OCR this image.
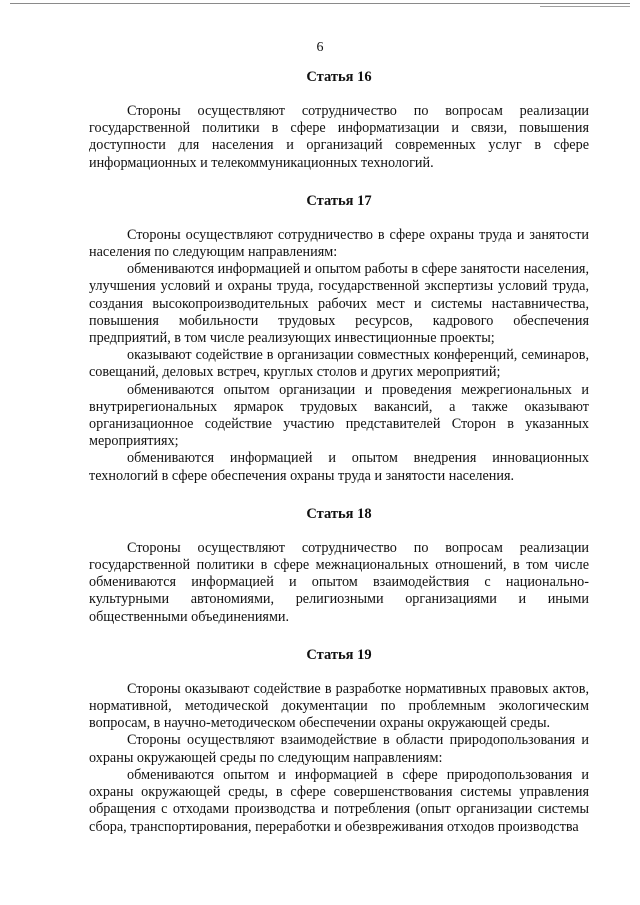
6
Статья 16

Стороны осуществляют сотрудничество по вопросам реализации государственной политики в сфере информатизации и связи, повышения доступности для населения и организаций современных услуг в сфере информационных и телекоммуникационных технологий.

Статья 17

Стороны осуществляют сотрудничество в сфере охраны труда и занятости населения по следующим направлениям:

обмениваются информацией и опытом работы в сфере занятости населения, улучшения условий и охраны труда, государственной экспертизы условий труда, создания высокопроизводительных рабочих мест и системы наставничества, повышения мобильности трудовых ресурсов, кадрового обеспечения предприятий, в том числе реализующих инвестиционные проекты;

оказывают содействие в организации совместных конференций, семинаров, совещаний, деловых встреч, круглых столов и других мероприятий;

обмениваются опытом организации и проведения межрегиональных и внутрирегиональных ярмарок трудовых вакансий, а также оказывают организационное содействие участию представителей Сторон в указанных мероприятиях;

обмениваются информацией и опытом внедрения инновационных технологий в сфере обеспечения охраны труда и занятости населения.

Статья 18

Стороны осуществляют сотрудничество по вопросам реализации государственной политики в сфере межнациональных отношений, в том числе обмениваются информацией и опытом взаимодействия с национально-культурными автономиями, религиозными организациями и иными общественными объединениями.

Статья 19

Стороны оказывают содействие в разработке нормативных правовых актов, нормативной, методической документации по проблемным экологическим вопросам, в научно-методическом обеспечении охраны окружающей среды.

Стороны осуществляют взаимодействие в области природопользования и охраны окружающей среды по следующим направлениям:

обмениваются опытом и информацией в сфере природопользования и охраны окружающей среды, в сфере совершенствования системы управления обращения с отходами производства и потребления (опыт организации системы сбора, транспортирования, переработки и обезвреживания отходов производства
